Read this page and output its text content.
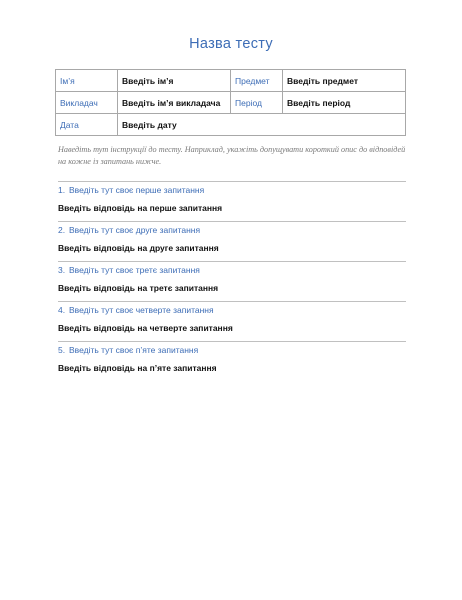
Назва тесту
Ім’я	Введіть ім’я	Предмет	Введіть предмет
Викладач	Введіть ім’я викладача	Період	Введіть період
Дата	Введіть дату		
Наведіть тут інструкції до тесту. Наприклад, укажіть допущувати короткий опис до відповідей на кожне із запитань нижче.
1. Введіть тут своє перше запитання
Введіть відповідь на перше запитання
2. Введіть тут своє друге запитання
Введіть відповідь на друге запитання
3. Введіть тут своє третє запитання
Введіть відповідь на третє запитання
4. Введіть тут своє четверте запитання
Введіть відповідь на четверте запитання
5. Введіть тут своє п’яте запитання
Введіть відповідь на п’яте запитання
